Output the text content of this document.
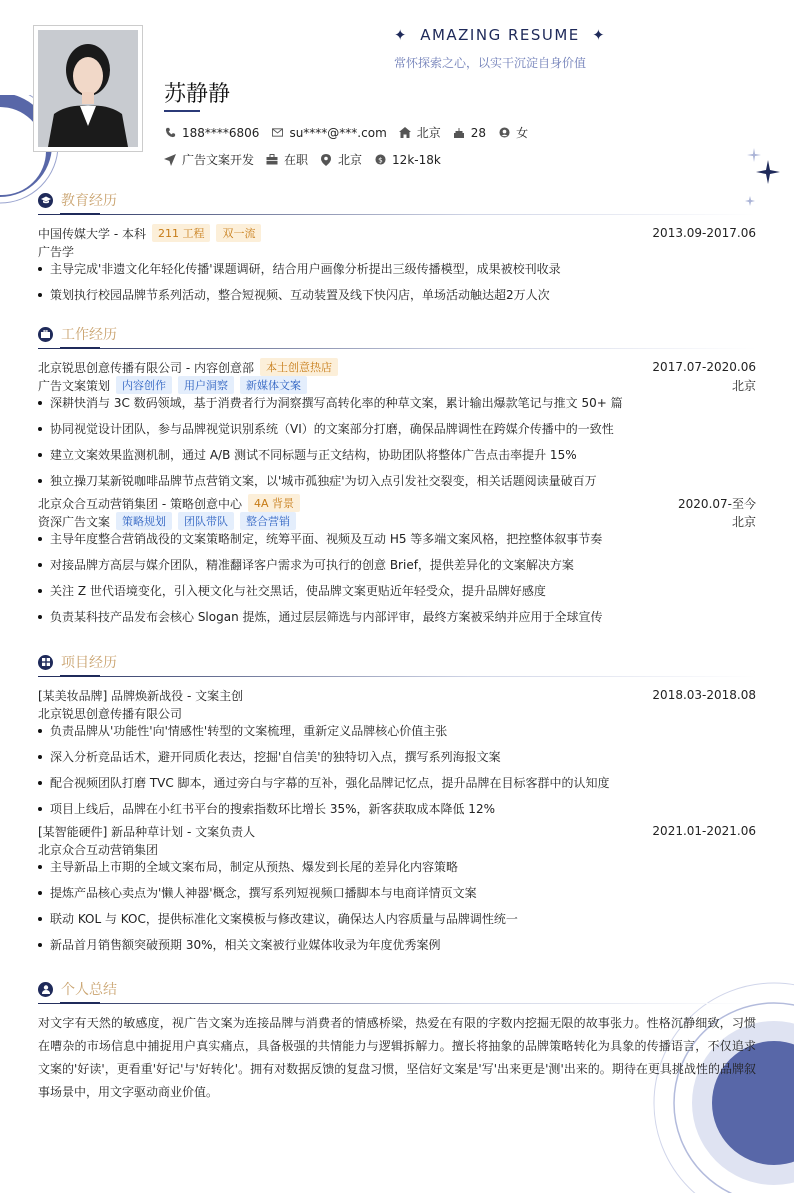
✦ AMAZING RESUME ✦
常怀探索之心，以实干沉淀自身价值
苏静静
188****6806	su****@***.com	北京	28	女
广告文案开发	在职	北京 $ 12k-18k
教育经历
中国传媒大学 - 本科	211 工程	双一流	2013.09-2017.06
广告学
主导完成'非遗文化年轻化传播'课题调研，结合用户画像分析提出三级传播模型，成果被校刊收录
策划执行校园品牌节系列活动，整合短视频、互动装置及线下快闪店，单场活动触达超2万人次
工作经历
北京锐思创意传播有限公司 - 内容创意部	本土创意热店	2017.07-2020.06
广告文案策划	内容创作	用户洞察	新媒体文案	北京
深耕快消与 3C 数码领域，基于消费者行为洞察撰写高转化率的种草文案，累计输出爆款笔记与推文 50+ 篇
协同视觉设计团队，参与品牌视觉识别系统（VI）的文案部分打磨，确保品牌调性在跨媒介传播中的一致性
建立文案效果监测机制，通过 A/B 测试不同标题与正文结构，协助团队将整体广告点击率提升 15%
独立操刀某新锐咖啡品牌节点营销文案，以'城市孤独症'为切入点引发社交裂变，相关话题阅读量破百万
北京众合互动营销集团 - 策略创意中心	4A 背景	2020.07-至今
资深广告文案	策略规划	团队带队	整合营销	北京
主导年度整合营销战役的文案策略制定，统筹平面、视频及互动 H5 等多端文案风格，把控整体叙事节奏
对接品牌方高层与媒介团队，精准翻译客户需求为可执行的创意 Brief，提供差异化的文案解决方案
关注 Z 世代语境变化，引入梗文化与社交黑话，使品牌文案更贴近年轻受众，提升品牌好感度
负责某科技产品发布会核心 Slogan 提炼，通过层层筛选与内部评审，最终方案被采纳并应用于全球宣传
项目经历
[某美妆品牌] 品牌焕新战役 - 文案主创	2018.03-2018.08
北京锐思创意传播有限公司
负责品牌从'功能性'向'情感性'转型的文案梳理，重新定义品牌核心价值主张
深入分析竞品话术，避开同质化表达，挖掘'自信美'的独特切入点，撰写系列海报文案
配合视频团队打磨 TVC 脚本，通过旁白与字幕的互补，强化品牌记忆点，提升品牌在目标客群中的认知度
项目上线后，品牌在小红书平台的搜索指数环比增长 35%，新客获取成本降低 12%
[某智能硬件] 新品种草计划 - 文案负责人	2021.01-2021.06
北京众合互动营销集团
主导新品上市期的全域文案布局，制定从预热、爆发到长尾的差异化内容策略
提炼产品核心卖点为'懒人神器'概念，撰写系列短视频口播脚本与电商详情页文案
联动 KOL 与 KOC，提供标准化文案模板与修改建议，确保达人内容质量与品牌调性统一
新品首月销售额突破预期 30%，相关文案被行业媒体收录为年度优秀案例
个人总结
对文字有天然的敏感度，视广告文案为连接品牌与消费者的情感桥梁，热爱在有限的字数内挖掘无限的故事张力。性格沉静细致，习惯在嘈杂的市场信息中捕捉用户真实痛点，具备极强的共情能力与逻辑拆解力。擅长将抽象的品牌策略转化为具象的传播语言，不仅追求文案的'好读'，更看重'好记'与'好转化'。拥有对数据反馈的复盘习惯，坚信好文案是'写'出来更是'测'出来的。期待在更具挑战性的品牌叙事场景中，用文字驱动商业价值。
